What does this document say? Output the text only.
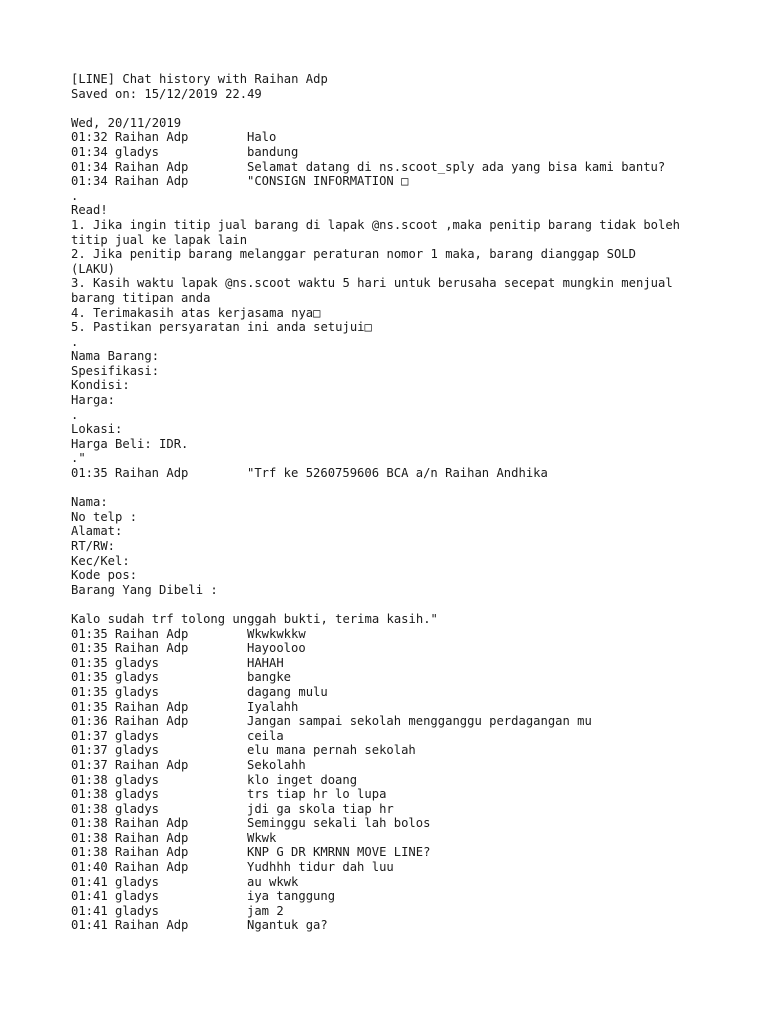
[LINE] Chat history with Raihan Adp
Saved on: 15/12/2019 22.49
Wed, 20/11/2019
01:32 Raihan Adp	Halo
01:34 gladys	bandung
01:34 Raihan Adp	Selamat datang di ns.scoot_sply ada yang bisa kami bantu?
01:34 Raihan Adp	"CONSIGN INFORMATION □
.
Read!
1. Jika ingin titip jual barang di lapak @ns.scoot ,maka penitip barang tidak boleh
titip jual ke lapak lain
2. Jika penitip barang melanggar peraturan nomor 1 maka, barang dianggap SOLD
(LAKU)
3. Kasih waktu lapak @ns.scoot waktu 5 hari untuk berusaha secepat mungkin menjual
barang titipan anda
4. Terimakasih atas kerjasama nya□
5. Pastikan persyaratan ini anda setujui□
.
Nama Barang:
Spesifikasi:
Kondisi:
Harga:
.
Lokasi:
Harga Beli: IDR.
."
01:35 Raihan Adp	"Trf ke 5260759606 BCA a/n Raihan Andhika
Nama:
No telp :
Alamat:
RT/RW:
Kec/Kel:
Kode pos:
Barang Yang Dibeli :
Kalo sudah trf tolong unggah bukti, terima kasih."
01:35 Raihan Adp	Wkwkwkkw
01:35 Raihan Adp	Hayooloo
01:35 gladys	HAHAH
01:35 gladys	bangke
01:35 gladys	dagang mulu
01:35 Raihan Adp	Iyalahh
01:36 Raihan Adp	Jangan sampai sekolah mengganggu perdagangan mu
01:37 gladys	ceila
01:37 gladys	elu mana pernah sekolah
01:37 Raihan Adp	Sekolahh
01:38 gladys	klo inget doang
01:38 gladys	trs tiap hr lo lupa
01:38 gladys	jdi ga skola tiap hr
01:38 Raihan Adp	Seminggu sekali lah bolos
01:38 Raihan Adp	Wkwk
01:38 Raihan Adp	KNP G DR KMRNN MOVE LINE?
01:40 Raihan Adp	Yudhhh tidur dah luu
01:41 gladys	au wkwk
01:41 gladys	iya tanggung
01:41 gladys	jam 2
01:41 Raihan Adp	Ngantuk ga?
